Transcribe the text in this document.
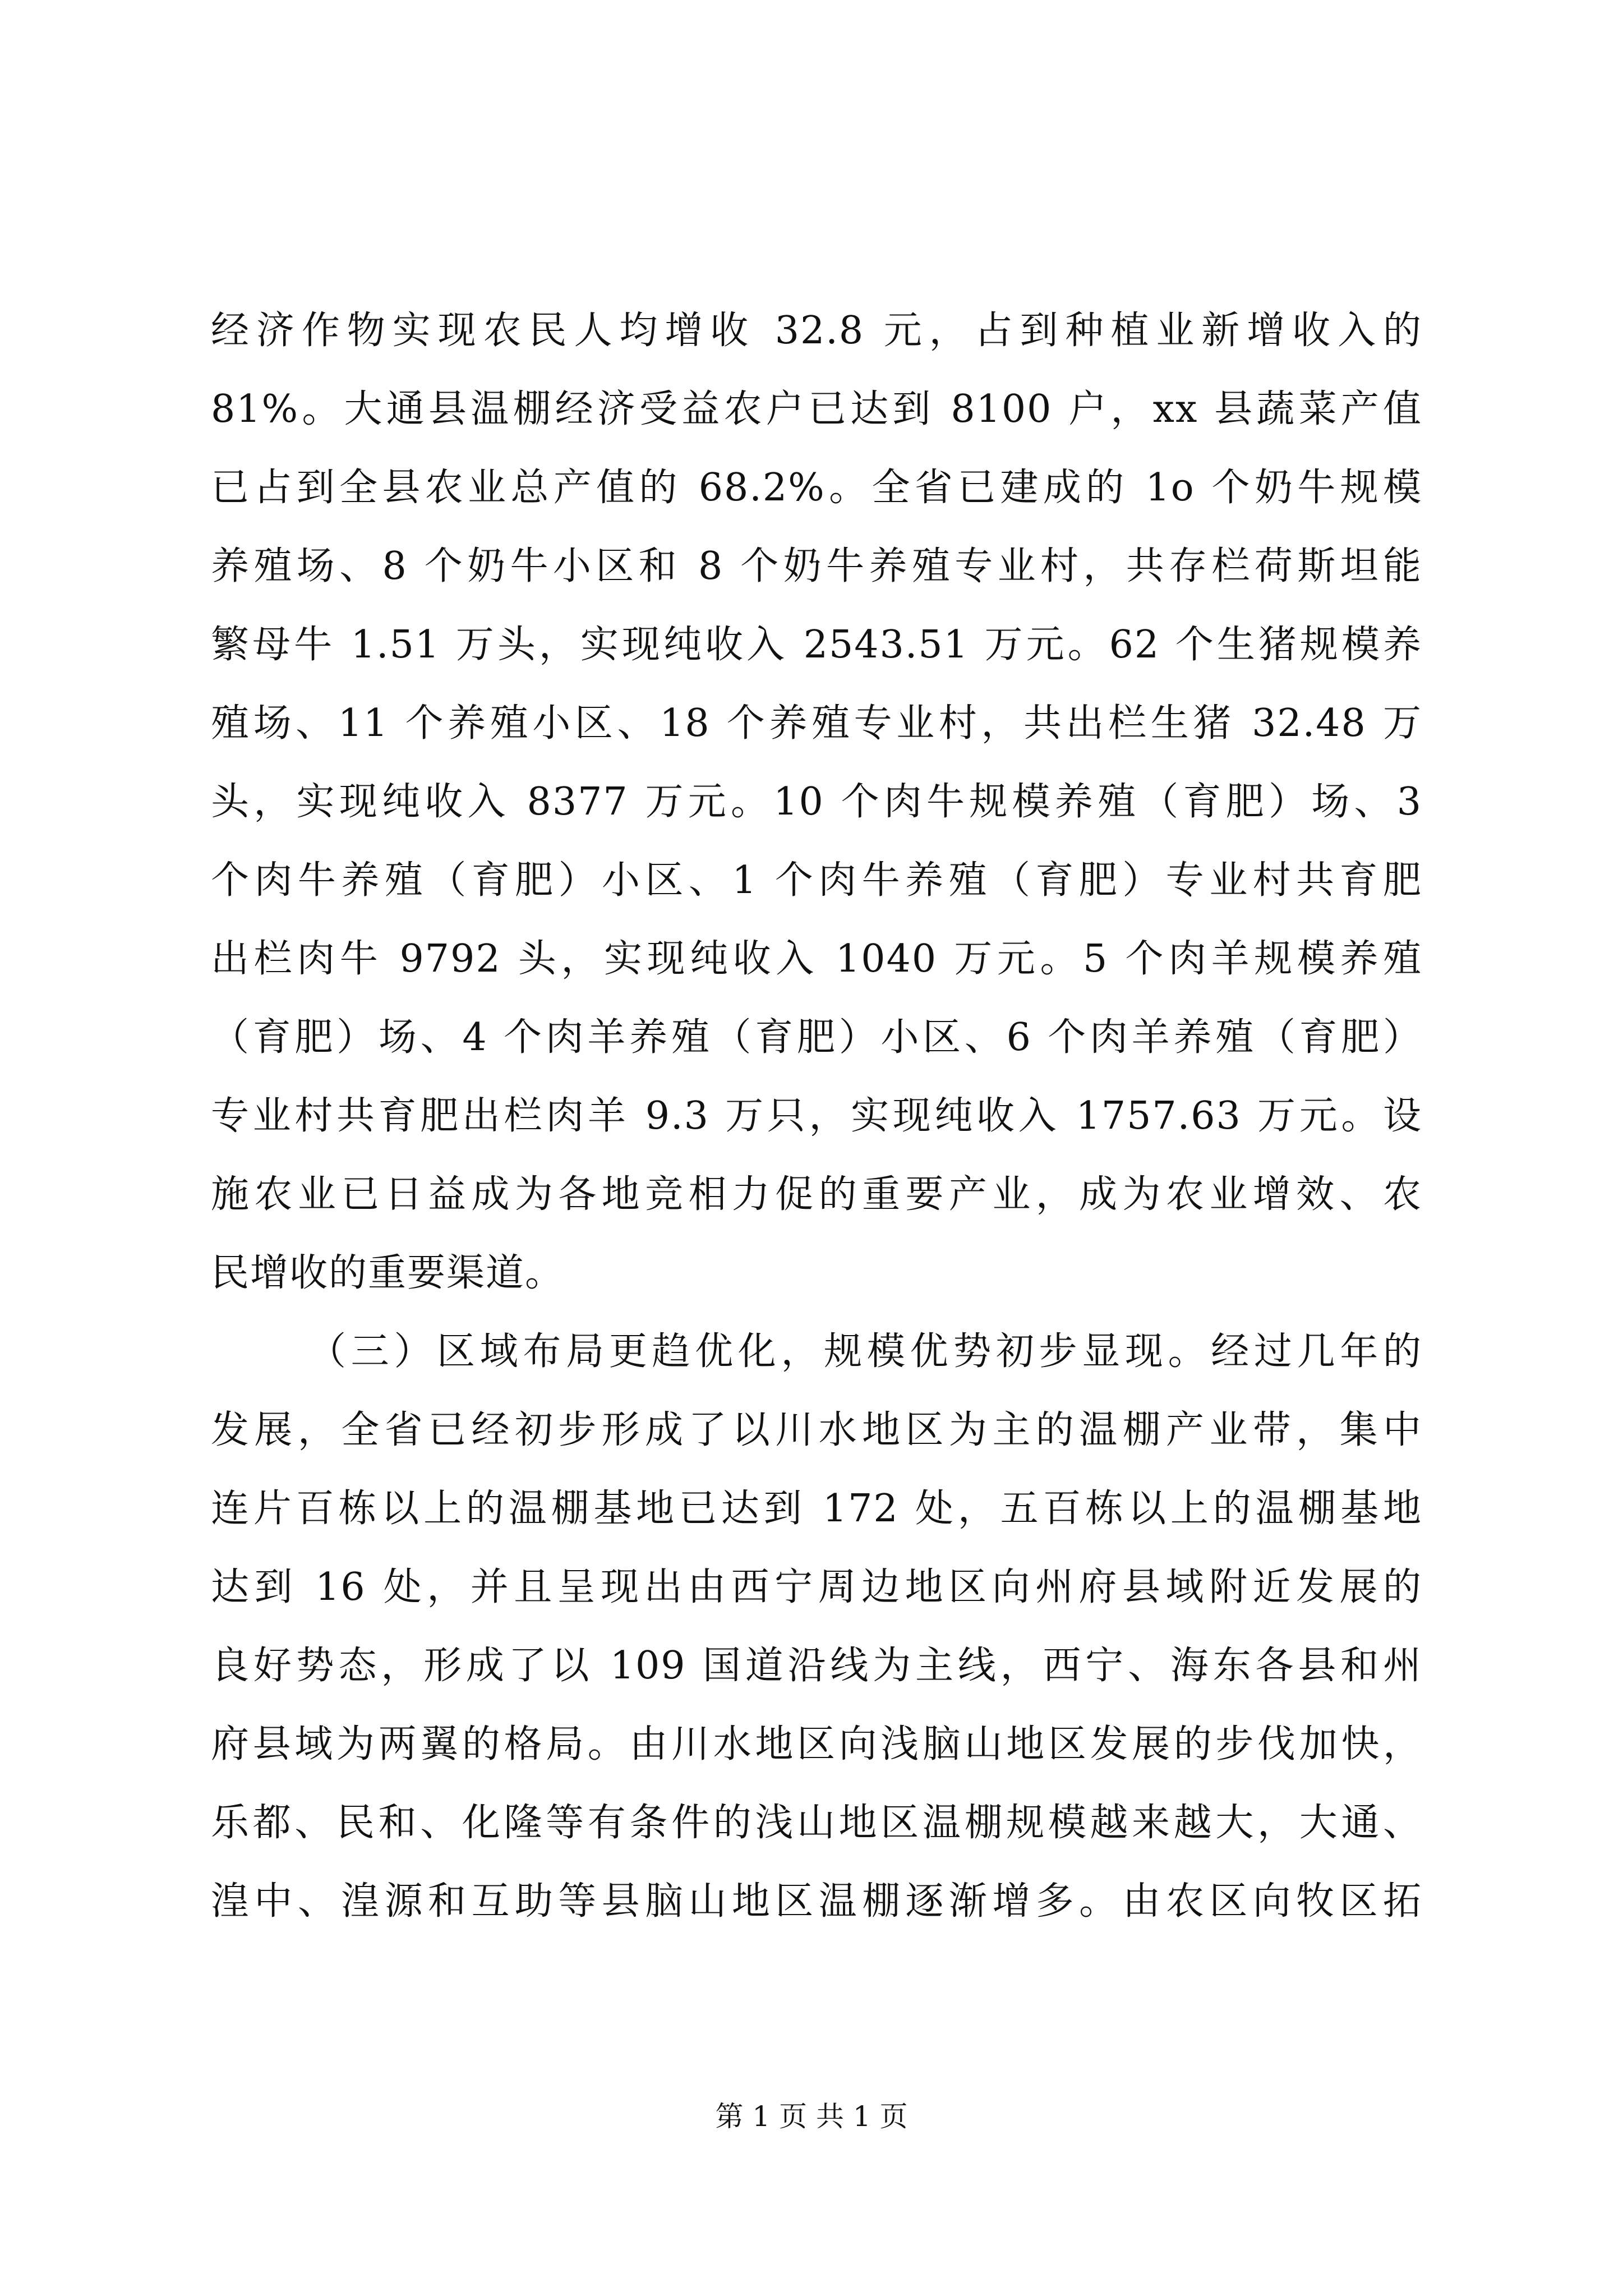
经济作物实现农民人均增收 32.8 元，占到种植业新增收入的
81%。大通县温棚经济受益农户已达到 8100 户，xx 县蔬菜产值
已占到全县农业总产值的 68.2%。全省已建成的 1o 个奶牛规模
养殖场、8 个奶牛小区和 8 个奶牛养殖专业村，共存栏荷斯坦能
繁母牛 1.51 万头，实现纯收入 2543.51 万元。62 个生猪规模养
殖场、11 个养殖小区、18 个养殖专业村，共出栏生猪 32.48 万
头，实现纯收入 8377 万元。10 个肉牛规模养殖（育肥）场、3
个肉牛养殖（育肥）小区、1 个肉牛养殖（育肥）专业村共育肥
出栏肉牛 9792 头，实现纯收入 1040 万元。5 个肉羊规模养殖
（育肥）场、4 个肉羊养殖（育肥）小区、6 个肉羊养殖（育肥）
专业村共育肥出栏肉羊 9.3 万只，实现纯收入 1757.63 万元。设
施农业已日益成为各地竞相力促的重要产业，成为农业增效、农
民增收的重要渠道。
（三）区域布局更趋优化，规模优势初步显现。经过几年的
发展，全省已经初步形成了以川水地区为主的温棚产业带，集中
连片百栋以上的温棚基地已达到 172 处，五百栋以上的温棚基地
达到 16 处，并且呈现出由西宁周边地区向州府县域附近发展的
良好势态，形成了以 109 国道沿线为主线，西宁、海东各县和州
府县域为两翼的格局。由川水地区向浅脑山地区发展的步伐加快，
乐都、民和、化隆等有条件的浅山地区温棚规模越来越大，大通、
湟中、湟源和互助等县脑山地区温棚逐渐增多。由农区向牧区拓
第 1 页 共 1 页
